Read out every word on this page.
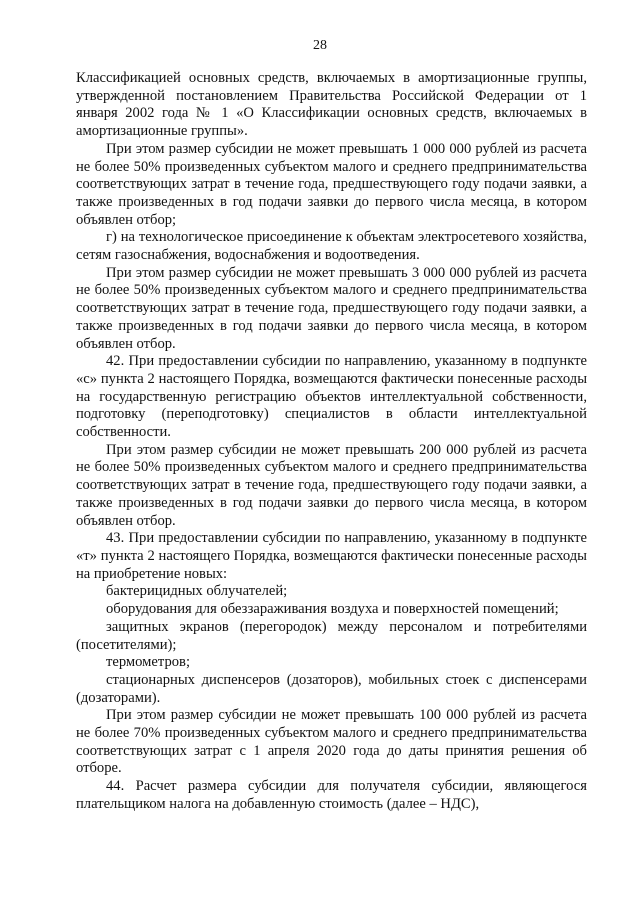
28

Классификацией основных средств, включаемых в амортизационные группы, утвержденной постановлением Правительства Российской Федерации от 1 января 2002 года № 1 «О Классификации основных средств, включаемых в амортизационные группы».

При этом размер субсидии не может превышать 1 000 000 рублей из расчета не более 50% произведенных субъектом малого и среднего предпринимательства соответствующих затрат в течение года, предшествующего году подачи заявки, а также произведенных в год подачи заявки до первого числа месяца, в котором объявлен отбор;

г) на технологическое присоединение к объектам электросетевого хозяйства, сетям газоснабжения, водоснабжения и водоотведения.

При этом размер субсидии не может превышать 3 000 000 рублей из расчета не более 50% произведенных субъектом малого и среднего предпринимательства соответствующих затрат в течение года, предшествующего году подачи заявки, а также произведенных в год подачи заявки до первого числа месяца, в котором объявлен отбор.

42. При предоставлении субсидии по направлению, указанному в подпункте «с» пункта 2 настоящего Порядка, возмещаются фактически понесенные расходы на государственную регистрацию объектов интеллектуальной собственности, подготовку (переподготовку) специалистов в области интеллектуальной собственности.

При этом размер субсидии не может превышать 200 000 рублей из расчета не более 50% произведенных субъектом малого и среднего предпринимательства соответствующих затрат в течение года, предшествующего году подачи заявки, а также произведенных в год подачи заявки до первого числа месяца, в котором объявлен отбор.

43. При предоставлении субсидии по направлению, указанному в подпункте «т» пункта 2 настоящего Порядка, возмещаются фактически понесенные расходы на приобретение новых:

бактерицидных облучателей;

оборудования для обеззараживания воздуха и поверхностей помещений;

защитных экранов (перегородок) между персоналом и потребителями (посетителями);

термометров;

стационарных диспенсеров (дозаторов), мобильных стоек с диспенсерами (дозаторами).

При этом размер субсидии не может превышать 100 000 рублей из расчета не более 70% произведенных субъектом малого и среднего предпринимательства соответствующих затрат с 1 апреля 2020 года до даты принятия решения об отборе.

44. Расчет размера субсидии для получателя субсидии, являющегося плательщиком налога на добавленную стоимость (далее – НДС),
